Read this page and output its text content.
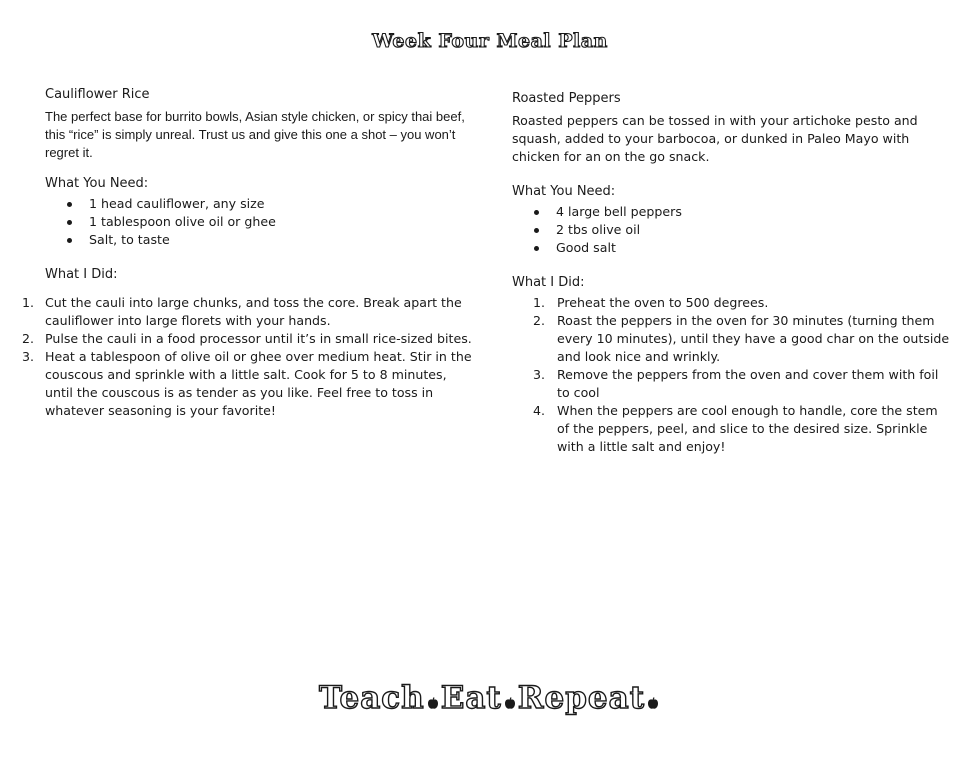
Week Four Meal Plan
Cauliflower Rice
The perfect base for burrito bowls, Asian style chicken, or spicy thai beef, this “rice” is simply unreal. Trust us and give this one a shot – you won’t regret it.
What You Need:
1 head cauliflower, any size
1 tablespoon olive oil or ghee
Salt, to taste
What I Did:
1. Cut the cauli into large chunks, and toss the core. Break apart the cauliflower into large florets with your hands.
2. Pulse the cauli in a food processor until it’s in small rice-sized bites.
3. Heat a tablespoon of olive oil or ghee over medium heat. Stir in the couscous and sprinkle with a little salt. Cook for 5 to 8 minutes, until the couscous is as tender as you like. Feel free to toss in whatever seasoning is your favorite!
Roasted Peppers
Roasted peppers can be tossed in with your artichoke pesto and squash, added to your barbocoa, or dunked in Paleo Mayo with chicken for an on the go snack.
What You Need:
4 large bell peppers
2 tbs olive oil
Good salt
What I Did:
1. Preheat the oven to 500 degrees.
2. Roast the peppers in the oven for 30 minutes (turning them every 10 minutes), until they have a good char on the outside and look nice and wrinkly.
3. Remove the peppers from the oven and cover them with foil to cool
4. When the peppers are cool enough to handle, core the stem of the peppers, peel, and slice to the desired size. Sprinkle with a little salt and enjoy!
Teach Eat Repeat
